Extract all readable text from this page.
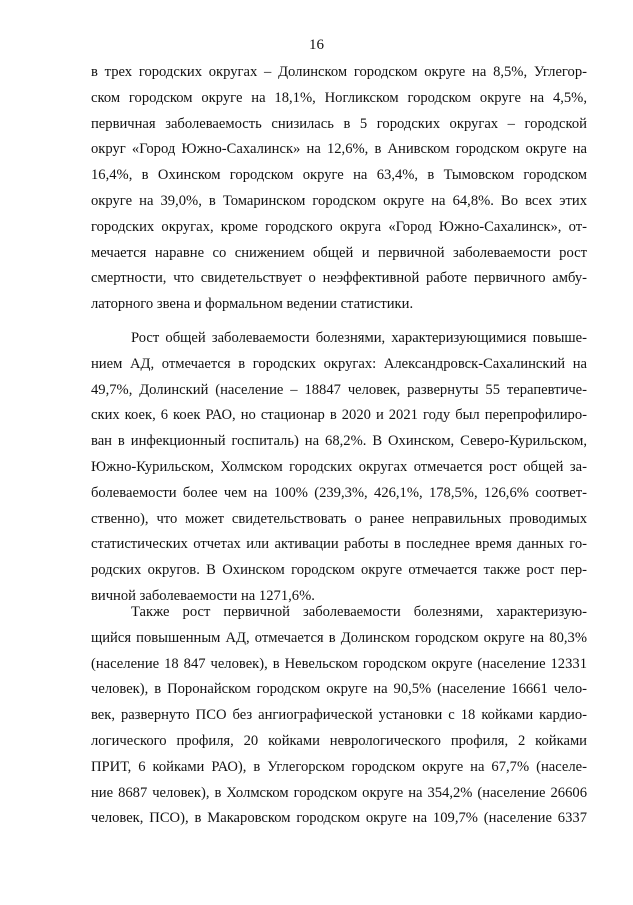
16
в трех городских округах – Долинском городском округе на 8,5%, Углегор-
ском городском округе на 18,1%, Ногликском городском округе на 4,5%,
первичная заболеваемость снизилась в 5 городских округах – городской
округ «Город Южно-Сахалинск» на 12,6%, в Анивском городском округе на
16,4%, в Охинском городском округе на 63,4%, в Тымовском городском
округе на 39,0%, в Томаринском городском округе на 64,8%. Во всех этих
городских округах, кроме городского округа «Город Южно-Сахалинск», от-
мечается наравне со снижением общей и первичной заболеваемости рост
смертности, что свидетельствует о неэффективной работе первичного амбу-
латорного звена и формальном ведении статистики.
Рост общей заболеваемости болезнями, характеризующимися повыше-
нием АД, отмечается в городских округах: Александровск-Сахалинский на
49,7%, Долинский (население – 18847 человек, развернуты 55 терапевтиче-
ских коек, 6 коек РАО, но стационар в 2020 и 2021 году был перепрофилиро-
ван в инфекционный госпиталь) на 68,2%. В Охинском, Северо-Курильском,
Южно-Курильском, Холмском городских округах отмечается рост общей за-
болеваемости более чем на 100% (239,3%, 426,1%, 178,5%, 126,6% соответ-
ственно), что может свидетельствовать о ранее неправильных проводимых
статистических отчетах или активации работы в последнее время данных го-
родских округов. В Охинском городском округе отмечается также рост пер-
вичной заболеваемости на 1271,6%.
Также рост первичной заболеваемости болезнями, характеризую-
щийся повышенным АД, отмечается в Долинском городском округе на 80,3%
(население 18 847 человек), в Невельском городском округе (население 12331
человек), в Поронайском городском округе на 90,5% (население 16661 чело-
век, развернуто ПСО без ангиографической установки с 18 койками кардио-
логического профиля, 20 койками неврологического профиля, 2 койками
ПРИТ, 6 койками РАО), в Углегорском городском округе на 67,7% (населе-
ние 8687 человек), в Холмском городском округе на 354,2% (население 26606
человек, ПСО), в Макаровском городском округе на 109,7% (население 6337
